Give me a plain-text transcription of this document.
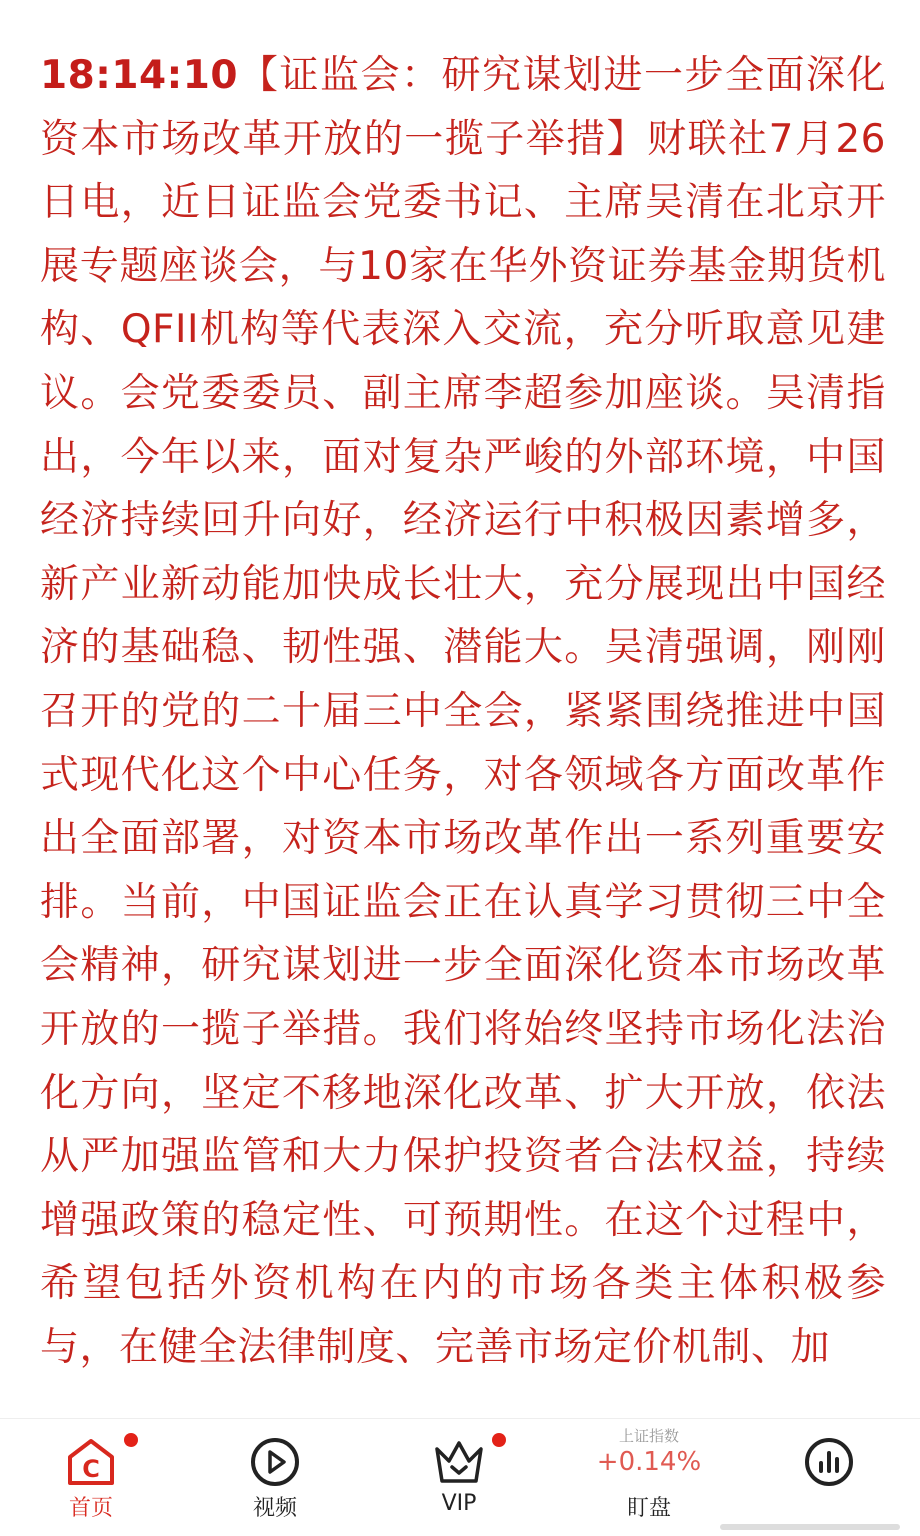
18:14:10【证监会：研究谋划进一步全面深化资本市场改革开放的一揽子举措】财联社7月26日电，近日证监会党委书记、主席吴清在北京开展专题座谈会，与10家在华外资证券基金期货机构、QFII机构等代表深入交流，充分听取意见建议。会党委委员、副主席李超参加座谈。吴清指出，今年以来，面对复杂严峻的外部环境，中国经济持续回升向好，经济运行中积极因素增多，新产业新动能加快成长壮大，充分展现出中国经济的基础稳、韧性强、潜能大。吴清强调，刚刚召开的党的二十届三中全会，紧紧围绕推进中国式现代化这个中心任务，对各领域各方面改革作出全面部署，对资本市场改革作出一系列重要安排。当前，中国证监会正在认真学习贯彻三中全会精神，研究谋划进一步全面深化资本市场改革开放的一揽子举措。我们将始终坚持市场化法治化方向，坚定不移地深化改革、扩大开放，依法从严加强监管和大力保护投资者合法权益，持续增强政策的稳定性、可预期性。在这个过程中，希望包括外资机构在内的市场各类主体积极参与，在健全法律制度、完善市场定价机制、加

C
首页	视频	VIP
上证指数
+0.14%
盯盘
